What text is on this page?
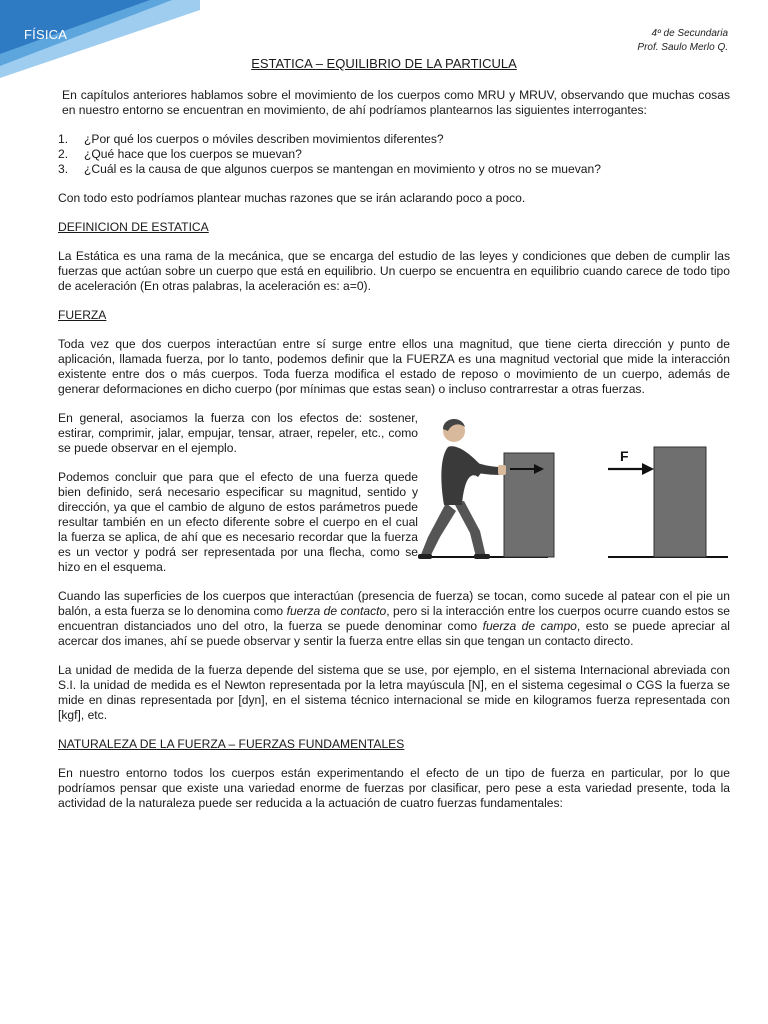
FÍSICA	4º de Secundaria
Prof. Saulo Merlo Q.
ESTATICA – EQUILIBRIO DE LA PARTICULA

En capítulos anteriores hablamos sobre el movimiento de los cuerpos como MRU y MRUV, observando que muchas cosas en nuestro entorno se encuentran en movimiento, de ahí podríamos plantearnos las siguientes interrogantes:

1. ¿Por qué los cuerpos o móviles describen movimientos diferentes?
2. ¿Qué hace que los cuerpos se muevan?
3. ¿Cuál es la causa de que algunos cuerpos se mantengan en movimiento y otros no se muevan?

Con todo esto podríamos plantear muchas razones que se irán aclarando poco a poco.

DEFINICION DE ESTATICA

La Estática es una rama de la mecánica, que se encarga del estudio de las leyes y condiciones que deben de cumplir las fuerzas que actúan sobre un cuerpo que está en equilibrio. Un cuerpo se encuentra en equilibrio cuando carece de todo tipo de aceleración (En otras palabras, la aceleración es: a=0).

FUERZA

Toda vez que dos cuerpos interactúan entre sí surge entre ellos una magnitud, que tiene cierta dirección y punto de aplicación, llamada fuerza, por lo tanto, podemos definir que la FUERZA es una magnitud vectorial que mide la interacción existente entre dos o más cuerpos. Toda fuerza modifica el estado de reposo o movimiento de un cuerpo, además de generar deformaciones en dicho cuerpo (por mínimas que estas sean) o incluso contrarrestar a otras fuerzas.

En general, asociamos la fuerza con los efectos de: sostener, estirar, comprimir, jalar, empujar, tensar, atraer, repeler, etc., como se puede observar en el ejemplo.

Podemos concluir que para que el efecto de una fuerza quede bien definido, será necesario especificar su magnitud, sentido y dirección, ya que el cambio de alguno de estos parámetros puede resultar también en un efecto diferente sobre el cuerpo en el cual la fuerza se aplica, de ahí que es necesario recordar que la fuerza es un vector y podrá ser representada por una flecha, como se hizo en el esquema.

F

Cuando las superficies de los cuerpos que interactúan (presencia de fuerza) se tocan, como sucede al patear con el pie un balón, a esta fuerza se lo denomina como fuerza de contacto, pero si la interacción entre los cuerpos ocurre cuando estos se encuentran distanciados uno del otro, la fuerza se puede denominar como fuerza de campo, esto se puede apreciar al acercar dos imanes, ahí se puede observar y sentir la fuerza entre ellas sin que tengan un contacto directo.

La unidad de medida de la fuerza depende del sistema que se use, por ejemplo, en el sistema Internacional abreviada con S.I. la unidad de medida es el Newton representada por la letra mayúscula [N], en el sistema cegesimal o CGS la fuerza se mide en dinas representada por [dyn], en el sistema técnico internacional se mide en kilogramos fuerza representada con [kgf], etc.

NATURALEZA DE LA FUERZA – FUERZAS FUNDAMENTALES

En nuestro entorno todos los cuerpos están experimentando el efecto de un tipo de fuerza en particular, por lo que podríamos pensar que existe una variedad enorme de fuerzas por clasificar, pero pese a esta variedad presente, toda la actividad de la naturaleza puede ser reducida a la actuación de cuatro fuerzas fundamentales:
